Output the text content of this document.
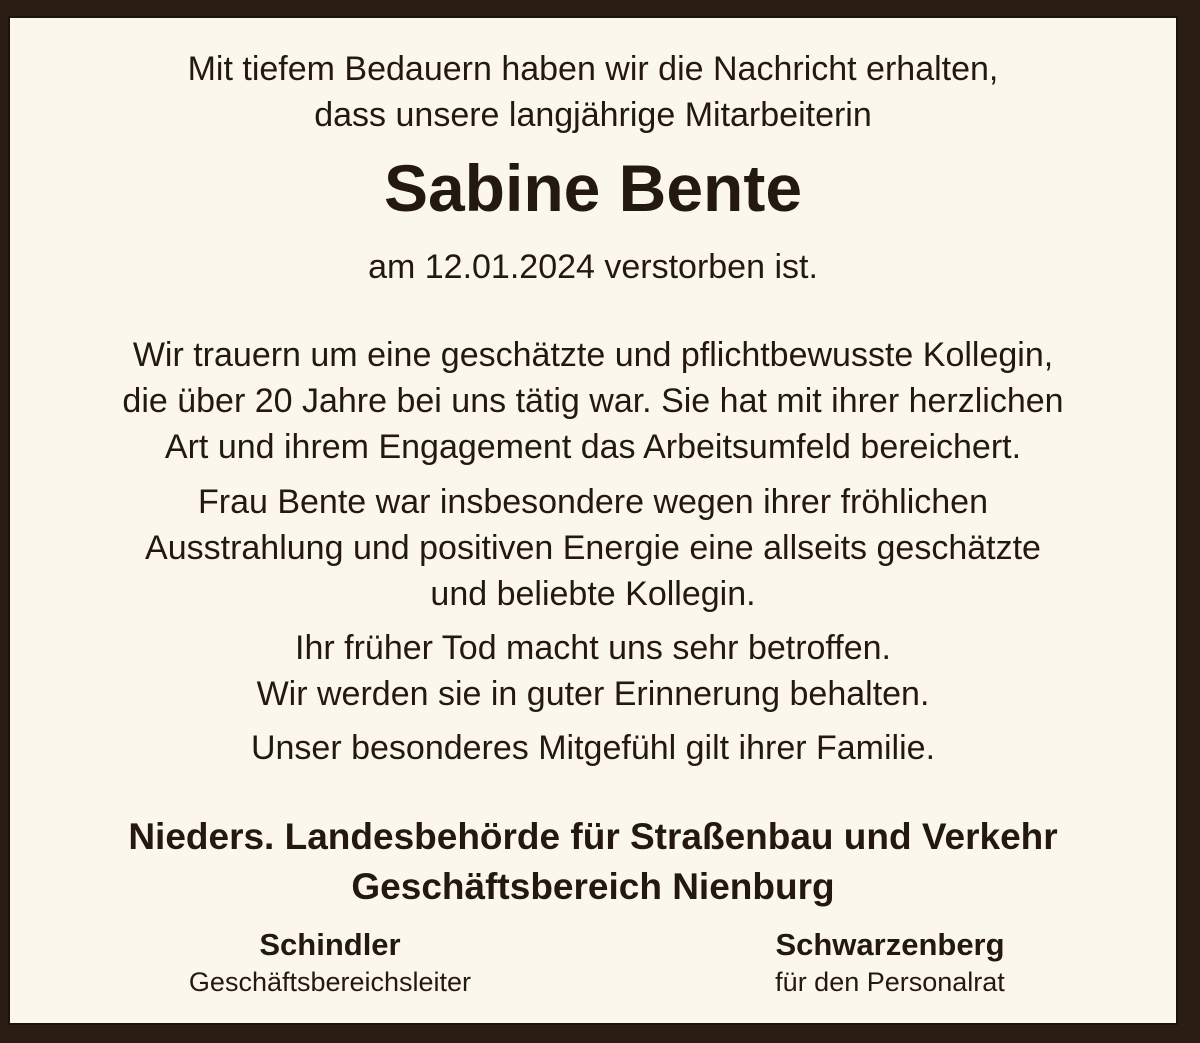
Mit tiefem Bedauern haben wir die Nachricht erhalten,
dass unsere langjährige Mitarbeiterin
Sabine Bente
am 12.01.2024 verstorben ist.
Wir trauern um eine geschätzte und pflichtbewusste Kollegin,
die über 20 Jahre bei uns tätig war. Sie hat mit ihrer herzlichen
Art und ihrem Engagement das Arbeitsumfeld bereichert.
Frau Bente war insbesondere wegen ihrer fröhlichen
Ausstrahlung und positiven Energie eine allseits geschätzte
und beliebte Kollegin.
Ihr früher Tod macht uns sehr betroffen.
Wir werden sie in guter Erinnerung behalten.
Unser besonderes Mitgefühl gilt ihrer Familie.
Nieders. Landesbehörde für Straßenbau und Verkehr
Geschäftsbereich Nienburg
Schindler
Geschäftsbereichsleiter
Schwarzenberg
für den Personalrat
